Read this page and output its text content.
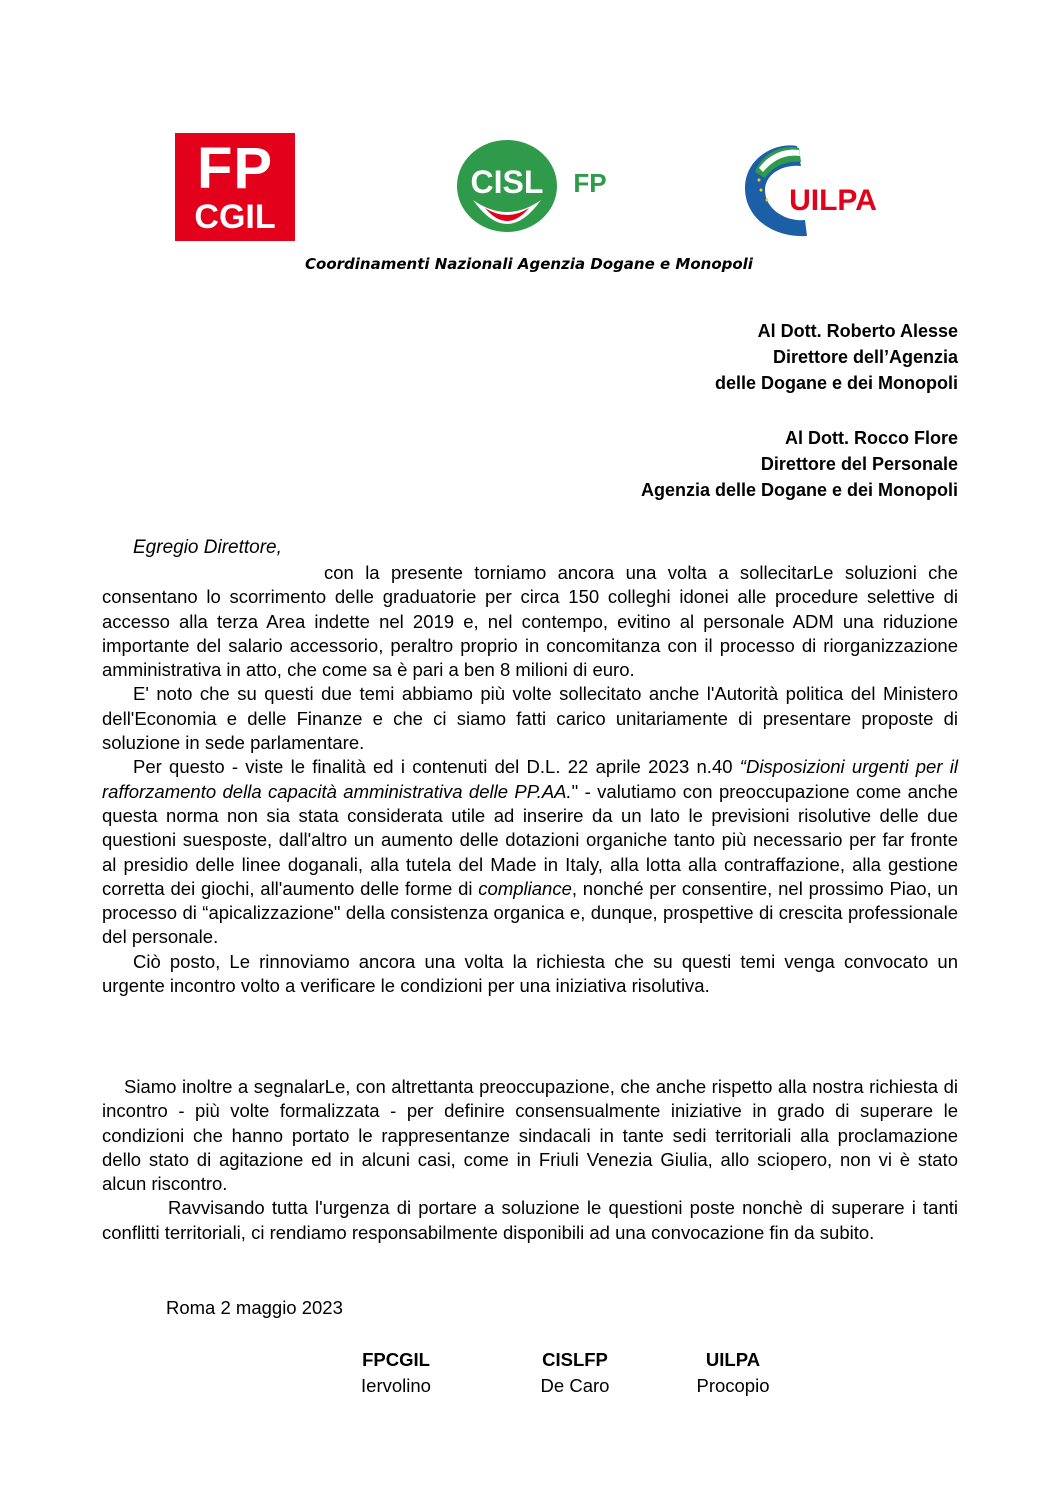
FP
CGIL
CISL FP
UILPA
Coordinamenti Nazionali Agenzia Dogane e Monopoli
Al Dott. Roberto Alesse
Direttore dell’Agenzia
delle Dogane e dei Monopoli
Al Dott. Rocco Flore
Direttore del Personale
Agenzia delle Dogane e dei Monopoli
Egregio Direttore,

con la presente torniamo ancora una volta a sollecitarLe soluzioni che consentano lo scorrimento delle graduatorie per circa 150 colleghi idonei alle procedure selettive di accesso alla terza Area indette nel 2019 e, nel contempo, evitino al personale ADM una riduzione importante del salario accessorio, peraltro proprio in concomitanza con il processo di riorganizzazione amministrativa in atto, che come sa è pari a ben 8 milioni di euro.

E' noto che su questi due temi abbiamo più volte sollecitato anche l'Autorità politica del Ministero dell'Economia e delle Finanze e che ci siamo fatti carico unitariamente di presentare proposte di soluzione in sede parlamentare.

Per questo - viste le finalità ed i contenuti del D.L. 22 aprile 2023 n.40 “Disposizioni urgenti per il rafforzamento della capacità amministrativa delle PP.AA." - valutiamo con preoccupazione come anche questa norma non sia stata considerata utile ad inserire da un lato le previsioni risolutive delle due questioni suesposte, dall'altro un aumento delle dotazioni organiche tanto più necessario per far fronte al presidio delle linee doganali, alla tutela del Made in Italy, alla lotta alla contraffazione, alla gestione corretta dei giochi, all'aumento delle forme di compliance, nonché per consentire, nel prossimo Piao, un processo di “apicalizzazione" della consistenza organica e, dunque, prospettive di crescita professionale del personale.

Ciò posto, Le rinnoviamo ancora una volta la richiesta che su questi temi venga convocato un urgente incontro volto a verificare le condizioni per una iniziativa risolutiva.

Siamo inoltre a segnalarLe, con altrettanta preoccupazione, che anche rispetto alla nostra richiesta di incontro - più volte formalizzata - per definire consensualmente iniziative in grado di superare le condizioni che hanno portato le rappresentanze sindacali in tante sedi territoriali alla proclamazione dello stato di agitazione ed in alcuni casi, come in Friuli Venezia Giulia, allo sciopero, non vi è stato alcun riscontro.

Ravvisando tutta l'urgenza di portare a soluzione le questioni poste nonchè di superare i tanti conflitti territoriali, ci rendiamo responsabilmente disponibili ad una convocazione fin da subito.

Roma 2 maggio 2023
FPCGIL
Iervolino
CISLFP
De Caro
UILPA
Procopio
